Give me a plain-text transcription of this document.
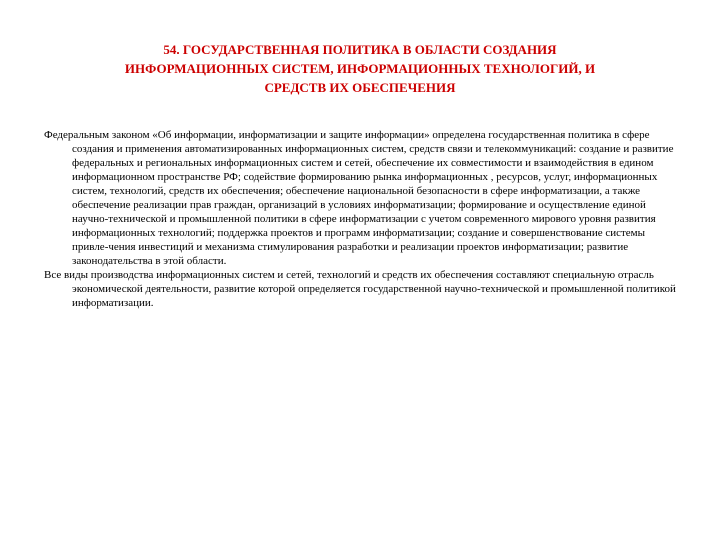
54. ГОСУДАРСТВЕННАЯ ПОЛИТИКА В ОБЛАСТИ СОЗДАНИЯ
ИНФОРМАЦИОННЫХ СИСТЕМ, ИНФОРМАЦИОННЫХ ТЕХНОЛОГИЙ, И
СРЕДСТВ ИХ ОБЕСПЕЧЕНИЯ

Федеральным законом «Об информации, информатизации и защите информации» определена государственная политика в сфере создания и применения автоматизированных информационных систем, средств связи и телекоммуникаций: создание и развитие федеральных и региональных информационных систем и сетей, обеспечение их совместимости и взаимодействия в едином информационном пространстве РФ; содействие формированию рынка информационных , ресурсов, услуг, информационных систем, технологий, средств их обеспечения; обеспечение национальной безопасности в сфере информатизации, а также обеспечение реализации прав граждан, организаций в условиях информатизации; формирование и осуществление единой научно-технической и промышленной политики в сфере информатизации с учетом современного мирового уровня развития информационных технологий; поддержка проектов и программ информатизации; создание и совершенствование системы привле-чения инвестиций и механизма стимулирования разработки и реализации проектов информатизации; развитие законодательства в этой области.

Все виды производства информационных систем и сетей, технологий и средств их обеспечения составляют специальную отрасль экономической деятельности, развитие которой определяется государственной научно-технической и промышленной политикой информатизации.
